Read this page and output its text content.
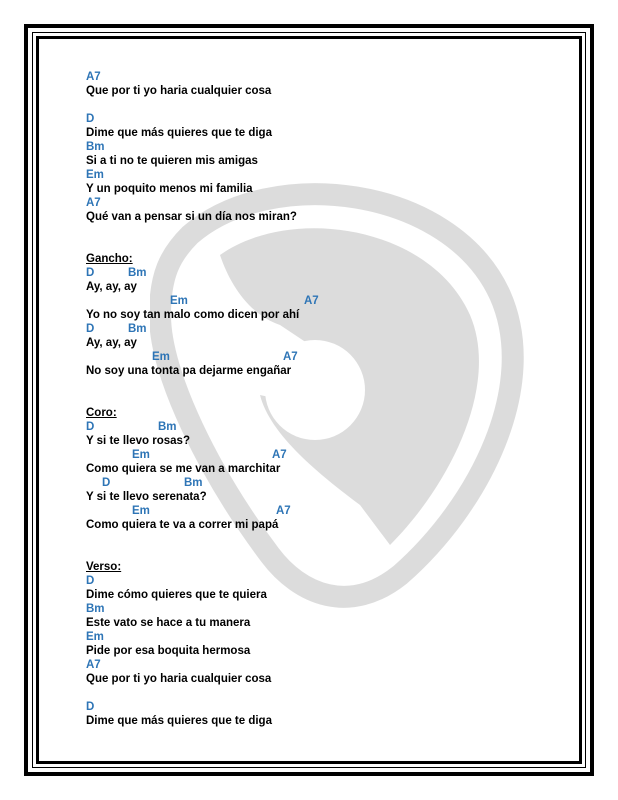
A7
Que por ti yo haria cualquier cosa
D
Dime que más quieres que te diga
Bm
Si a ti no te quieren mis amigas
Em
Y un poquito menos mi familia
A7
Qué van a pensar si un día nos miran?
Gancho:

D

	Bm

Ay, ay, ay

Em

	A7

Yo no soy tan malo como dicen por ahí

D

	Bm

Ay, ay, ay

Em

	A7

No soy una tonta pa dejarme engañar
Coro:

D

	Bm

Y si te llevo rosas?

Em

	A7

Como quiera se me van a marchitar

D

	Bm

Y si te llevo serenata?

Em

	A7

Como quiera te va a correr mi papá
Verso:
D
Dime cómo quieres que te quiera
Bm
Este vato se hace a tu manera
Em
Pide por esa boquita hermosa
A7
Que por ti yo haria cualquier cosa
D
Dime que más quieres que te diga
